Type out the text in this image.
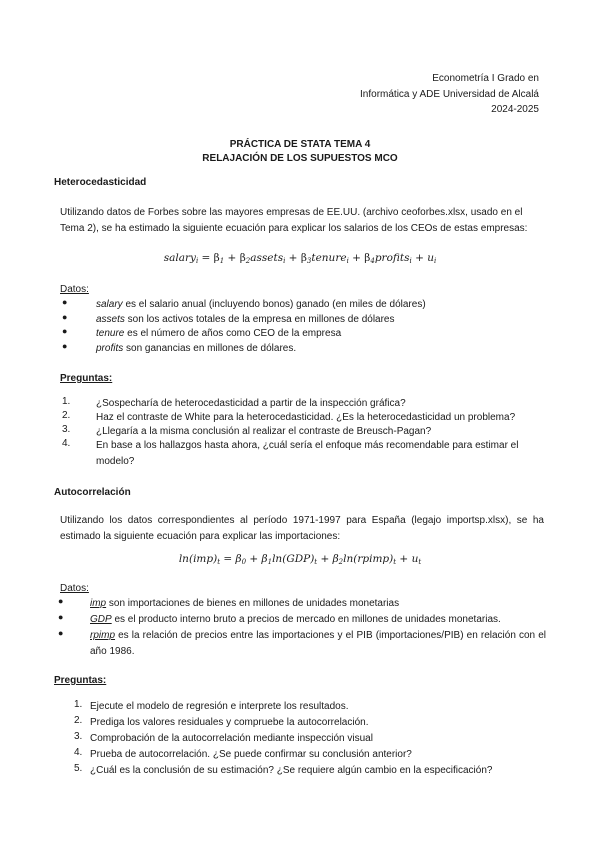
Econometría I Grado en
Informática y ADE Universidad de Alcalá
2024-2025
PRÁCTICA DE STATA TEMA 4
RELAJACIÓN DE LOS SUPUESTOS MCO
Heterocedasticidad
Utilizando datos de Forbes sobre las mayores empresas de EE.UU. (archivo ceoforbes.xlsx, usado en el Tema 2), se ha estimado la siguiente ecuación para explicar los salarios de los CEOs de estas empresas:
salary$_i$ = $\beta_1$ + $\beta_2assets_i$ + $\beta_3tenure_i$ + $\beta_4profits_i + u_i$
Datos:
●	salary es el salario anual (incluyendo bonos) ganado (en miles de dólares)
●	assets son los activos totales de la empresa en millones de dólares
●	tenure es el número de años como CEO de la empresa
●	profits son ganancias en millones de dólares.
Preguntas:
1.	¿Sospecharía de heterocedasticidad a partir de la inspección gráfica?
2.	Haz el contraste de White para la heterocedasticidad. ¿Es la heterocedasticidad un problema?
3.	¿Llegaría a la misma conclusión al realizar el contraste de Breusch-Pagan?
4.	En base a los hallazgos hasta ahora, ¿cuál sería el enfoque más recomendable para estimar el modelo?
Autocorrelación
Utilizando los datos correspondientes al período 1971-1997 para España (legajo importsp.xlsx), se ha estimado la siguiente ecuación para explicar las importaciones:
$\ln(imp)_t = \beta_0 + \beta_1\ln(GDP)_t$ + $\beta_2\ln(rpimp)_t + u_t$
Datos:
●	imp son importaciones de bienes en millones de unidades monetarias
●	GDP es el producto interno bruto a precios de mercado en millones de unidades monetarias.
●	rpimp es la relación de precios entre las importaciones y el PIB (importaciones/PIB) en relación con el año 1986.
Preguntas:
1. Ejecute el modelo de regresión e interprete los resultados.
2. Prediga los valores residuales y compruebe la autocorrelación.
3. Comprobación de la autocorrelación mediante inspección visual
4. Prueba de autocorrelación. ¿Se puede confirmar su conclusión anterior?
5. ¿Cuál es la conclusión de su estimación? ¿Se requiere algún cambio en la especificación?
